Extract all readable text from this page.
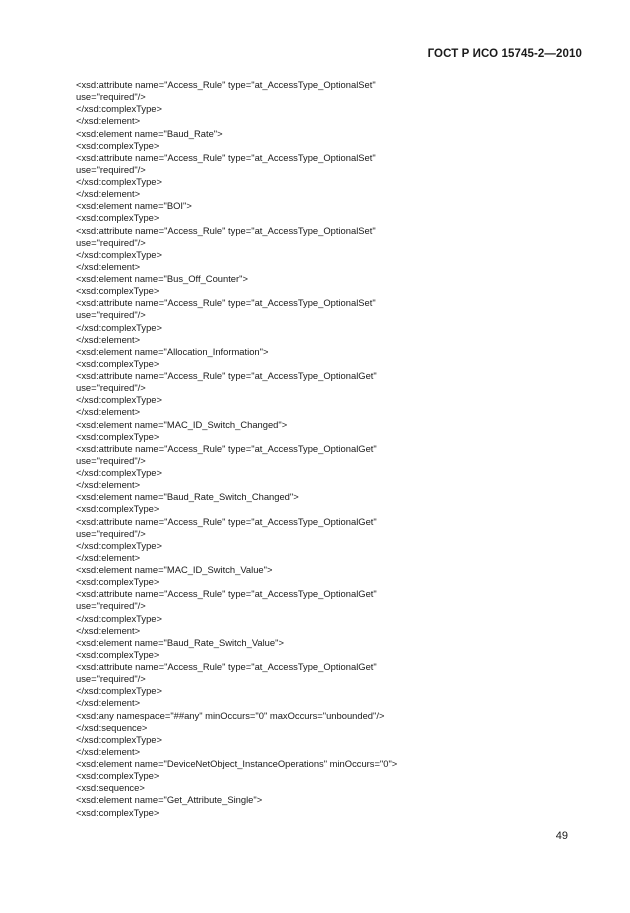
ГОСТ Р ИСО 15745-2—2010
<xsd:attribute name="Access_Rule" type="at_AccessType_OptionalSet"
use="required"/>
</xsd:complexType>
</xsd:element>
<xsd:element name="Baud_Rate">
<xsd:complexType>
<xsd:attribute name="Access_Rule" type="at_AccessType_OptionalSet"
use="required"/>
</xsd:complexType>
</xsd:element>
<xsd:element name="BOI">
<xsd:complexType>
<xsd:attribute name="Access_Rule" type="at_AccessType_OptionalSet"
use="required"/>
</xsd:complexType>
</xsd:element>
<xsd:element name="Bus_Off_Counter">
<xsd:complexType>
<xsd:attribute name="Access_Rule" type="at_AccessType_OptionalSet"
use="required"/>
</xsd:complexType>
</xsd:element>
<xsd:element name="Allocation_Information">
<xsd:complexType>
<xsd:attribute name="Access_Rule" type="at_AccessType_OptionalGet"
use="required"/>
</xsd:complexType>
</xsd:element>
<xsd:element name="MAC_ID_Switch_Changed">
<xsd:complexType>
<xsd:attribute name="Access_Rule" type="at_AccessType_OptionalGet"
use="required"/>
</xsd:complexType>
</xsd:element>
<xsd:element name="Baud_Rate_Switch_Changed">
<xsd:complexType>
<xsd:attribute name="Access_Rule" type="at_AccessType_OptionalGet"
use="required"/>
</xsd:complexType>
</xsd:element>
<xsd:element name="MAC_ID_Switch_Value">
<xsd:complexType>
<xsd:attribute name="Access_Rule" type="at_AccessType_OptionalGet"
use="required"/>
</xsd:complexType>
</xsd:element>
<xsd:element name="Baud_Rate_Switch_Value">
<xsd:complexType>
<xsd:attribute name="Access_Rule" type="at_AccessType_OptionalGet"
use="required"/>
</xsd:complexType>
</xsd:element>
<xsd:any namespace="##any" minOccurs="0" maxOccurs="unbounded"/>
</xsd:sequence>
</xsd:complexType>
</xsd:element>
<xsd:element name="DeviceNetObject_InstanceOperations" minOccurs="0">
<xsd:complexType>
<xsd:sequence>
<xsd:element name="Get_Attribute_Single">
<xsd:complexType>
49
